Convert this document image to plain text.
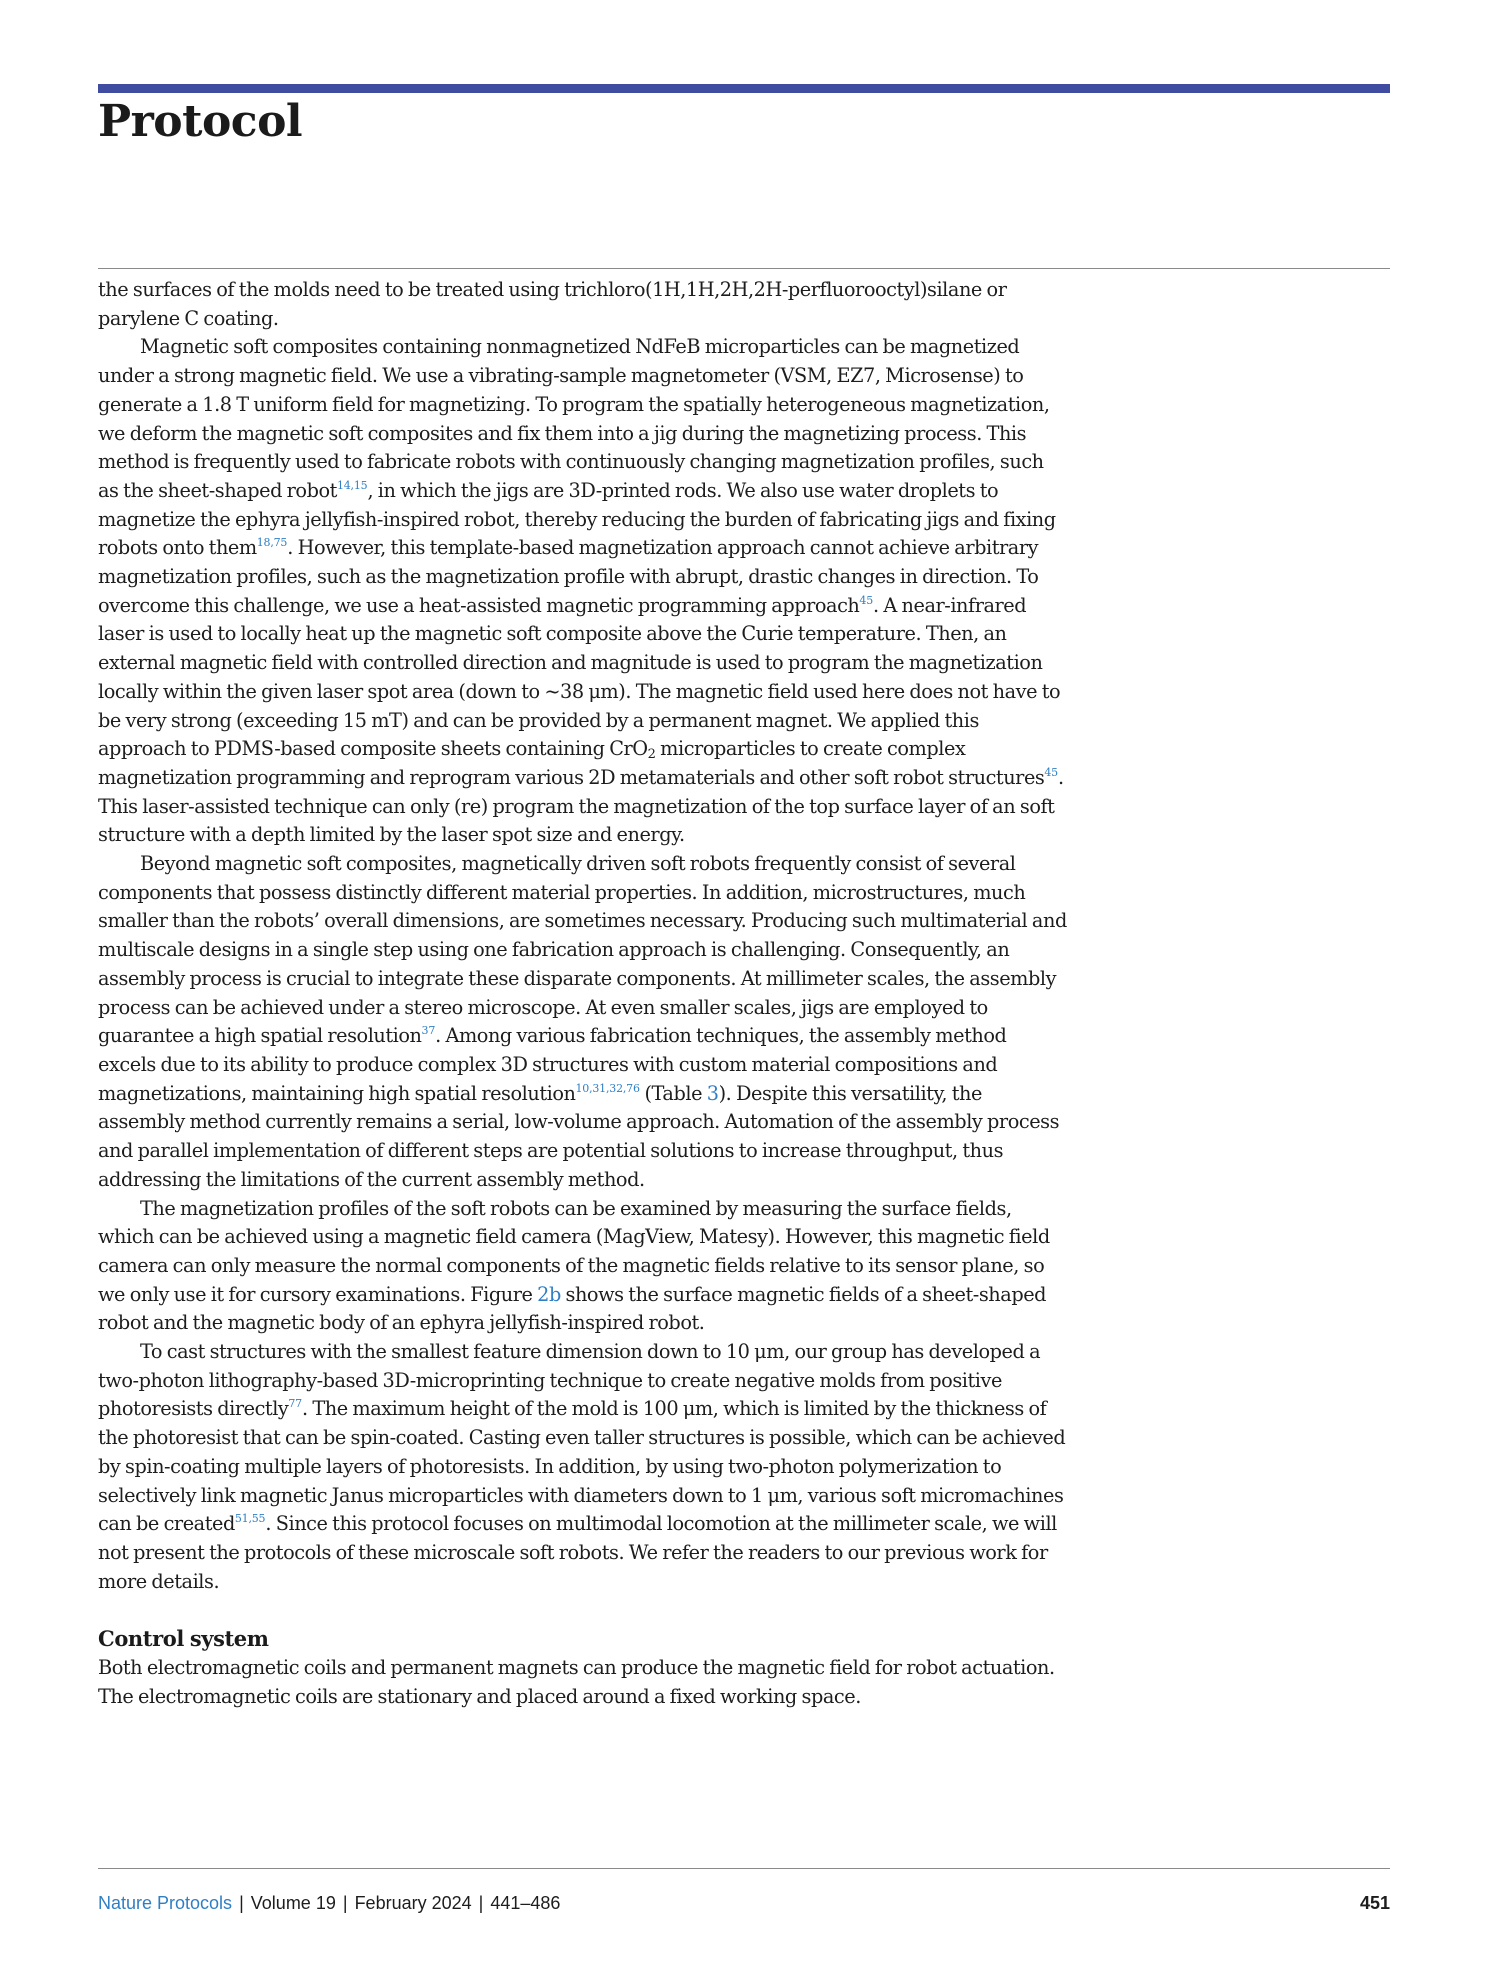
Protocol

the surfaces of the molds need to be treated using trichloro(1H,1H,2H,2H-perfluorooctyl)silane or parylene C coating.

Magnetic soft composites containing nonmagnetized NdFeB microparticles can be magnetized under a strong magnetic field. We use a vibrating-sample magnetometer (VSM, EZ7, Microsense) to generate a 1.8 T uniform field for magnetizing. To program the spatially heterogeneous magnetization, we deform the magnetic soft composites and fix them into a jig during the magnetizing process. This method is frequently used to fabricate robots with continuously changing magnetization profiles, such as the sheet-shaped robot$^{14,15}$, in which the jigs are 3D-printed rods. We also use water droplets to magnetize the ephyra jellyfish-inspired robot, thereby reducing the burden of fabricating jigs and fixing robots onto them$^{18,75}$. However, this template-based magnetization approach cannot achieve arbitrary magnetization profiles, such as the magnetization profile with abrupt, drastic changes in direction. To overcome this challenge, we use a heat-assisted magnetic programming approach$^{45}$. A near-infrared laser is used to locally heat up the magnetic soft composite above the Curie temperature. Then, an external magnetic field with controlled direction and magnitude is used to program the magnetization locally within the given laser spot area (down to ~38 μm). The magnetic field used here does not have to be very strong (exceeding 15 mT) and can be provided by a permanent magnet. We applied this approach to PDMS-based composite sheets containing CrO$_2$ microparticles to create complex magnetization programming and reprogram various 2D metamaterials and other soft robot structures$^{45}$. This laser-assisted technique can only (re) program the magnetization of the top surface layer of an soft structure with a depth limited by the laser spot size and energy.

Beyond magnetic soft composites, magnetically driven soft robots frequently consist of several components that possess distinctly different material properties. In addition, microstructures, much smaller than the robots’ overall dimensions, are sometimes necessary. Producing such multimaterial and multiscale designs in a single step using one fabrication approach is challenging. Consequently, an assembly process is crucial to integrate these disparate components. At millimeter scales, the assembly process can be achieved under a stereo microscope. At even smaller scales, jigs are employed to guarantee a high spatial resolution$^{37}$. Among various fabrication techniques, the assembly method excels due to its ability to produce complex 3D structures with custom material compositions and magnetizations, maintaining high spatial resolution$^{10,31,32,76}$ (Table 3). Despite this versatility, the assembly method currently remains a serial, low-volume approach. Automation of the assembly process and parallel implementation of different steps are potential solutions to increase throughput, thus addressing the limitations of the current assembly method.

The magnetization profiles of the soft robots can be examined by measuring the surface fields, which can be achieved using a magnetic field camera (MagView, Matesy). However, this magnetic field camera can only measure the normal components of the magnetic fields relative to its sensor plane, so we only use it for cursory examinations. Figure 2b shows the surface magnetic fields of a sheet-shaped robot and the magnetic body of an ephyra jellyfish-inspired robot.

To cast structures with the smallest feature dimension down to 10 μm, our group has developed a two-photon lithography-based 3D-microprinting technique to create negative molds from positive photoresists directly$^{77}$. The maximum height of the mold is 100 μm, which is limited by the thickness of the photoresist that can be spin-coated. Casting even taller structures is possible, which can be achieved by spin-coating multiple layers of photoresists. In addition, by using two-photon polymerization to selectively link magnetic Janus microparticles with diameters down to 1 μm, various soft micromachines can be created$^{51,55}$. Since this protocol focuses on multimodal locomotion at the millimeter scale, we will not present the protocols of these microscale soft robots. We refer the readers to our previous work for more details.

Control system

Both electromagnetic coils and permanent magnets can produce the magnetic field for robot actuation. The electromagnetic coils are stationary and placed around a fixed working space.

Nature Protocols | Volume 19 | February 2024 | 441–486	451
